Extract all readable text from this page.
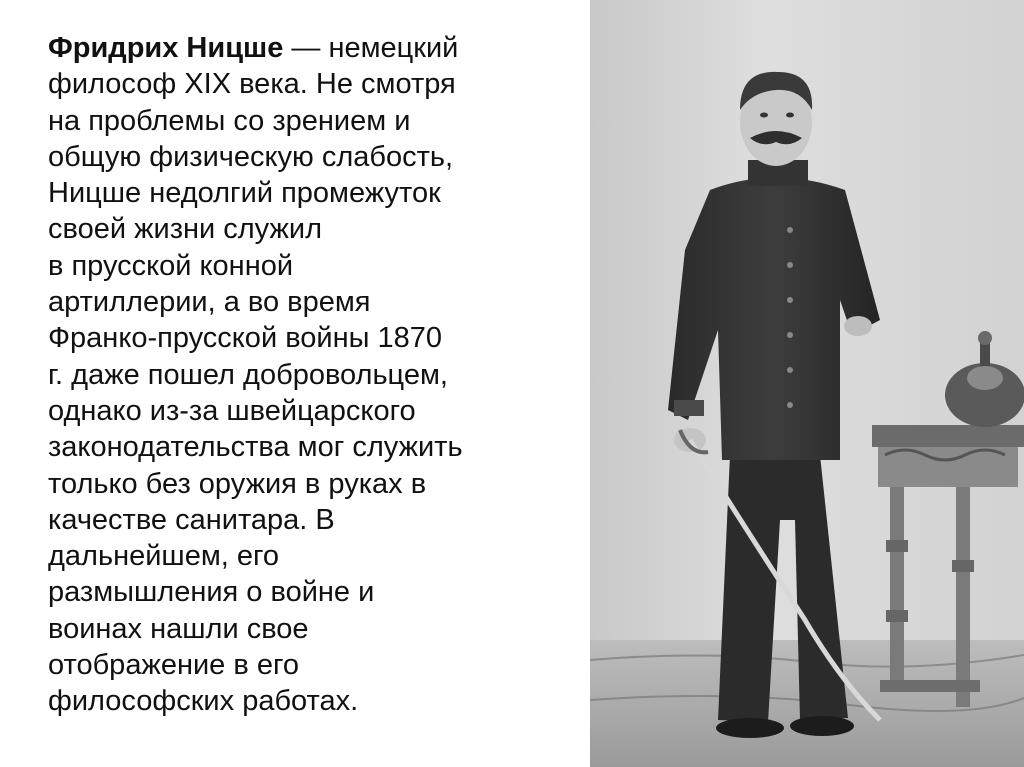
Фридрих Ницше — немецкий
философ XIX века. Не смотря
на проблемы со зрением и
общую физическую слабость,
Ницше недолгий промежуток
своей жизни служил
в прусской конной
артиллерии, а во время
Франко-прусской войны 1870
г. даже пошел добровольцем,
однако из-за швейцарского
законодательства мог служить
только без оружия в руках в
качестве санитара. В
дальнейшем, его
размышления о войне и
воинах нашли свое
отображение в его
философских работах.
